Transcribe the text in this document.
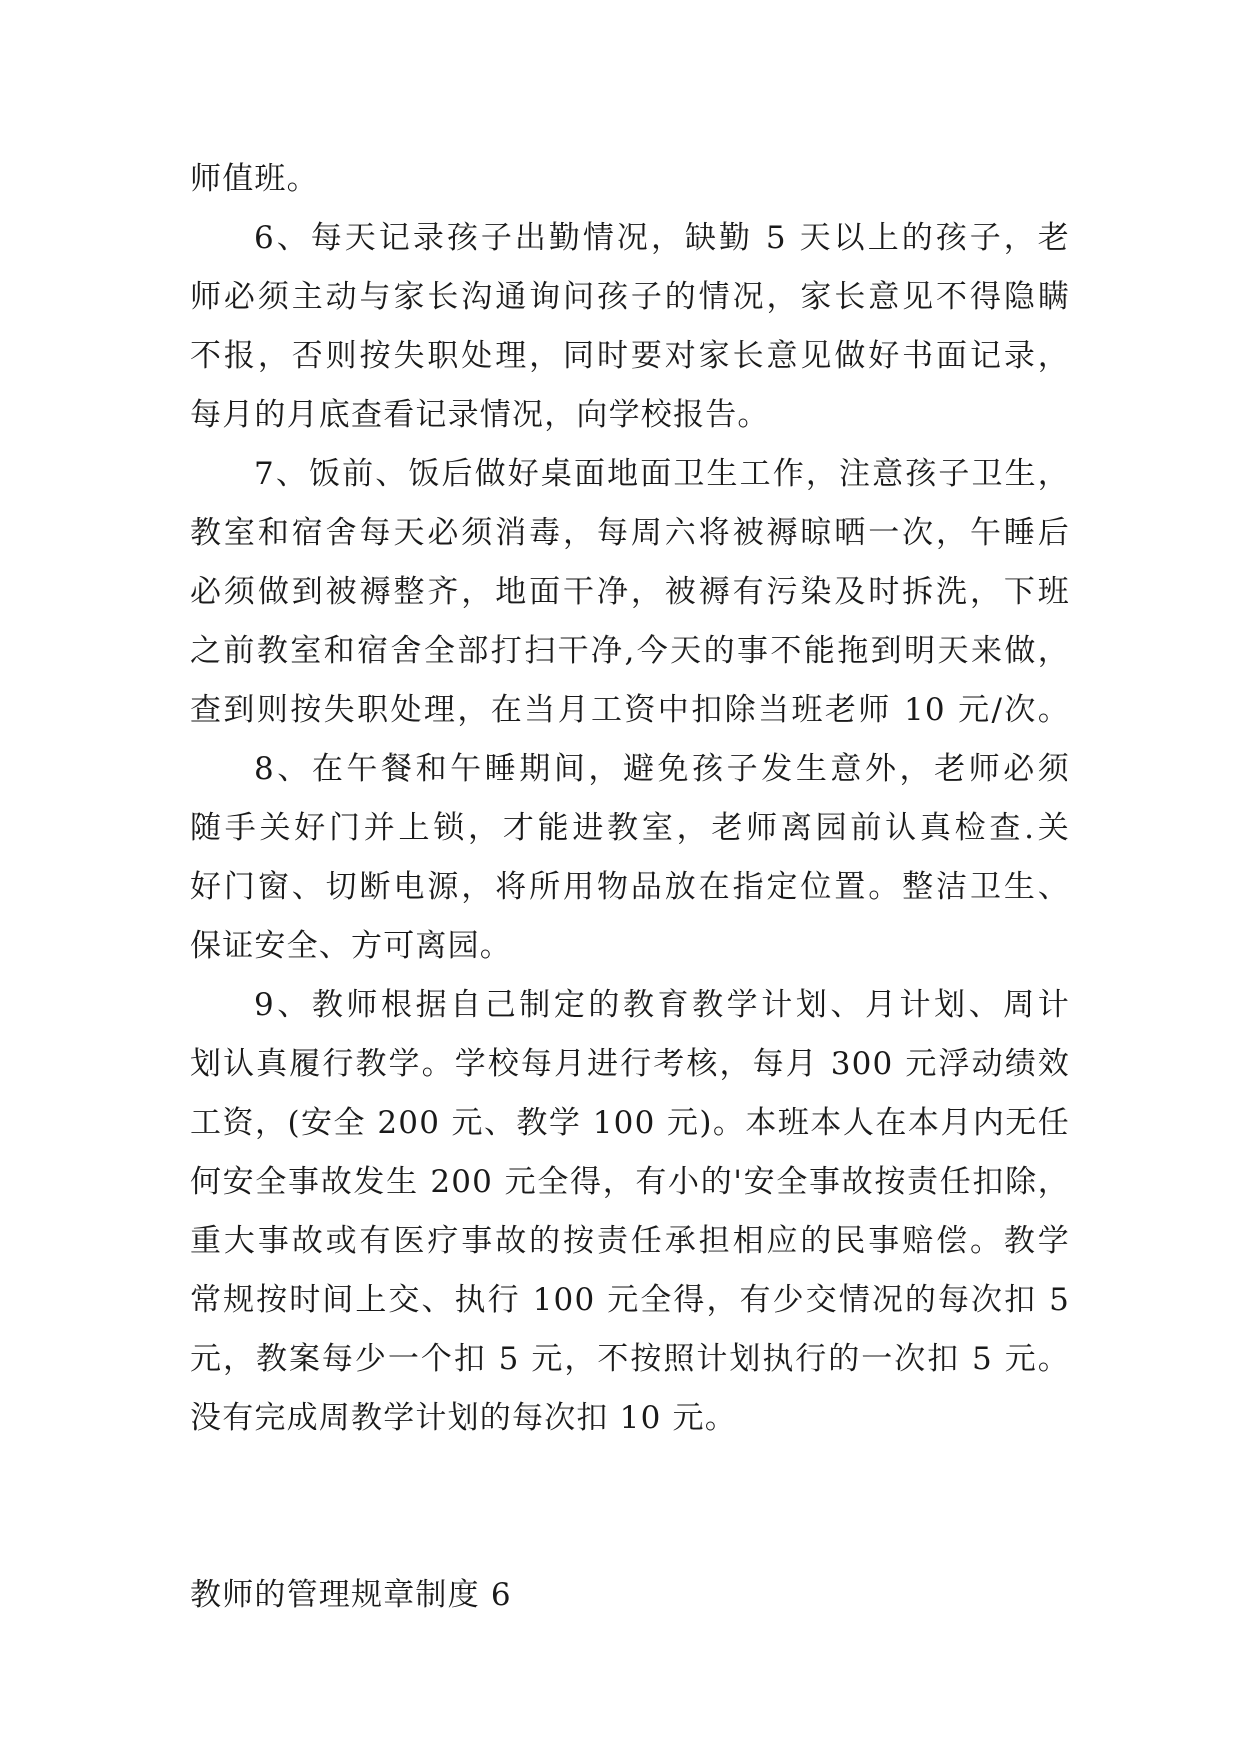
师值班。
6、每天记录孩子出勤情况，缺勤 5 天以上的孩子，老
师必须主动与家长沟通询问孩子的情况，家长意见不得隐瞒
不报，否则按失职处理，同时要对家长意见做好书面记录，
每月的月底查看记录情况，向学校报告。
7、饭前、饭后做好桌面地面卫生工作，注意孩子卫生，
教室和宿舍每天必须消毒，每周六将被褥晾晒一次，午睡后
必须做到被褥整齐，地面干净，被褥有污染及时拆洗，下班
之前教室和宿舍全部打扫干净,今天的事不能拖到明天来做，
查到则按失职处理，在当月工资中扣除当班老师 10 元/次。
8、在午餐和午睡期间，避免孩子发生意外，老师必须
随手关好门并上锁，才能进教室，老师离园前认真检查.关
好门窗、切断电源，将所用物品放在指定位置。整洁卫生、
保证安全、方可离园。
9、教师根据自己制定的教育教学计划、月计划、周计
划认真履行教学。学校每月进行考核，每月 300 元浮动绩效
工资，(安全 200 元、教学 100 元)。本班本人在本月内无任
何安全事故发生 200 元全得，有小的'安全事故按责任扣除，
重大事故或有医疗事故的按责任承担相应的民事赔偿。教学
常规按时间上交、执行 100 元全得，有少交情况的每次扣 5
元，教案每少一个扣 5 元，不按照计划执行的一次扣 5 元。
没有完成周教学计划的每次扣 10 元。
教师的管理规章制度 6
